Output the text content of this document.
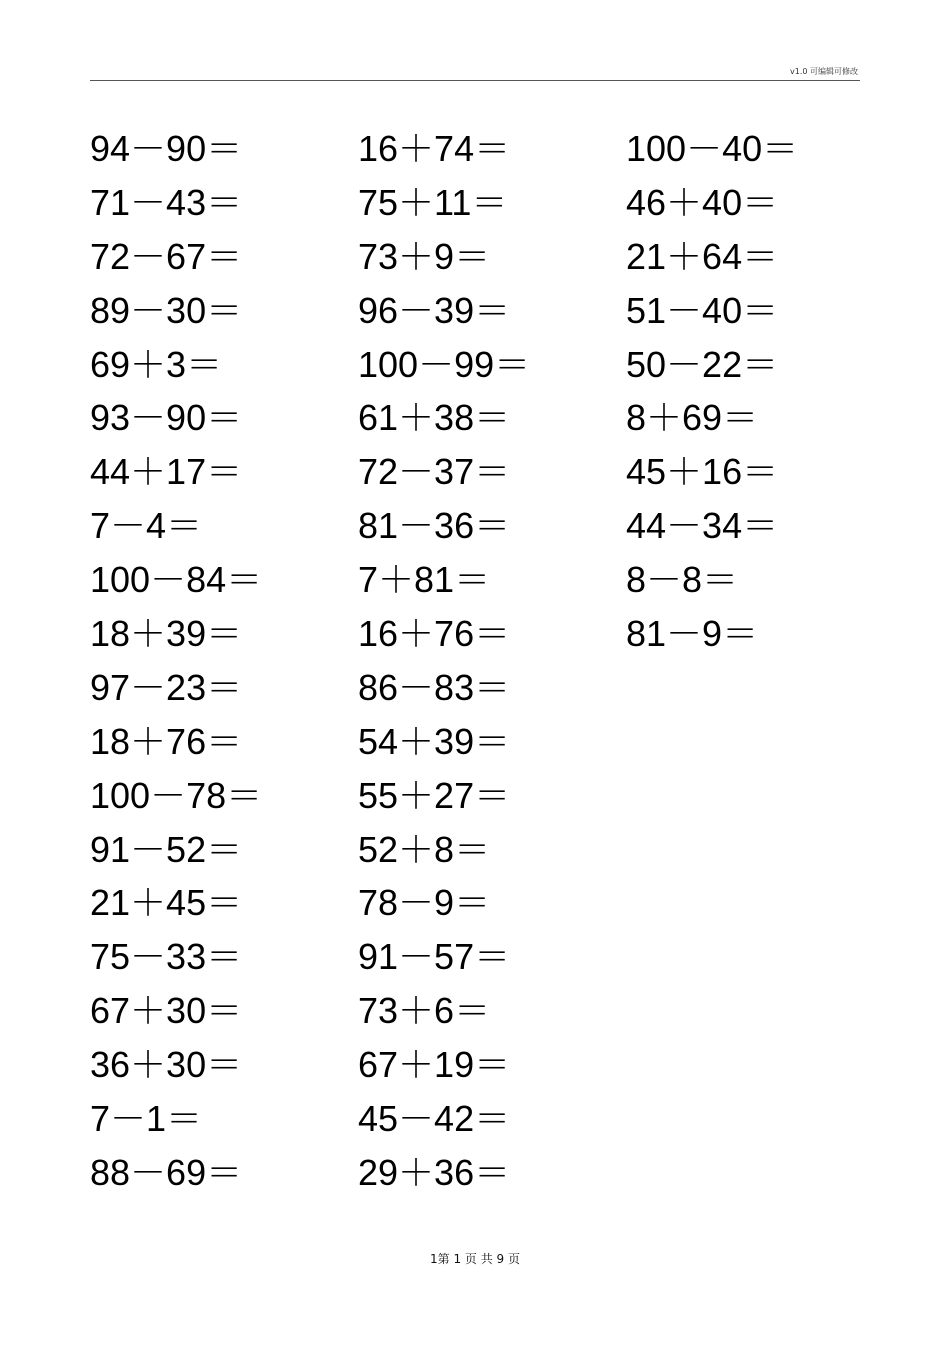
v1.0 可编辑可修改
94－90＝
71－43＝
72－67＝
89－30＝
69＋3＝
93－90＝
44＋17＝
7－4＝
100－84＝
18＋39＝
97－23＝
18＋76＝
100－78＝
91－52＝
21＋45＝
75－33＝
67＋30＝
36＋30＝
7－1＝
88－69＝
16＋74＝
75＋11＝
73＋9＝
96－39＝
100－99＝
61＋38＝
72－37＝
81－36＝
7＋81＝
16＋76＝
86－83＝
54＋39＝
55＋27＝
52＋8＝
78－9＝
91－57＝
73＋6＝
67＋19＝
45－42＝
29＋36＝
100－40＝
46＋40＝
21＋64＝
51－40＝
50－22＝
8＋69＝
45＋16＝
44－34＝
8－8＝
81－9＝
1第 1 页 共 9 页
